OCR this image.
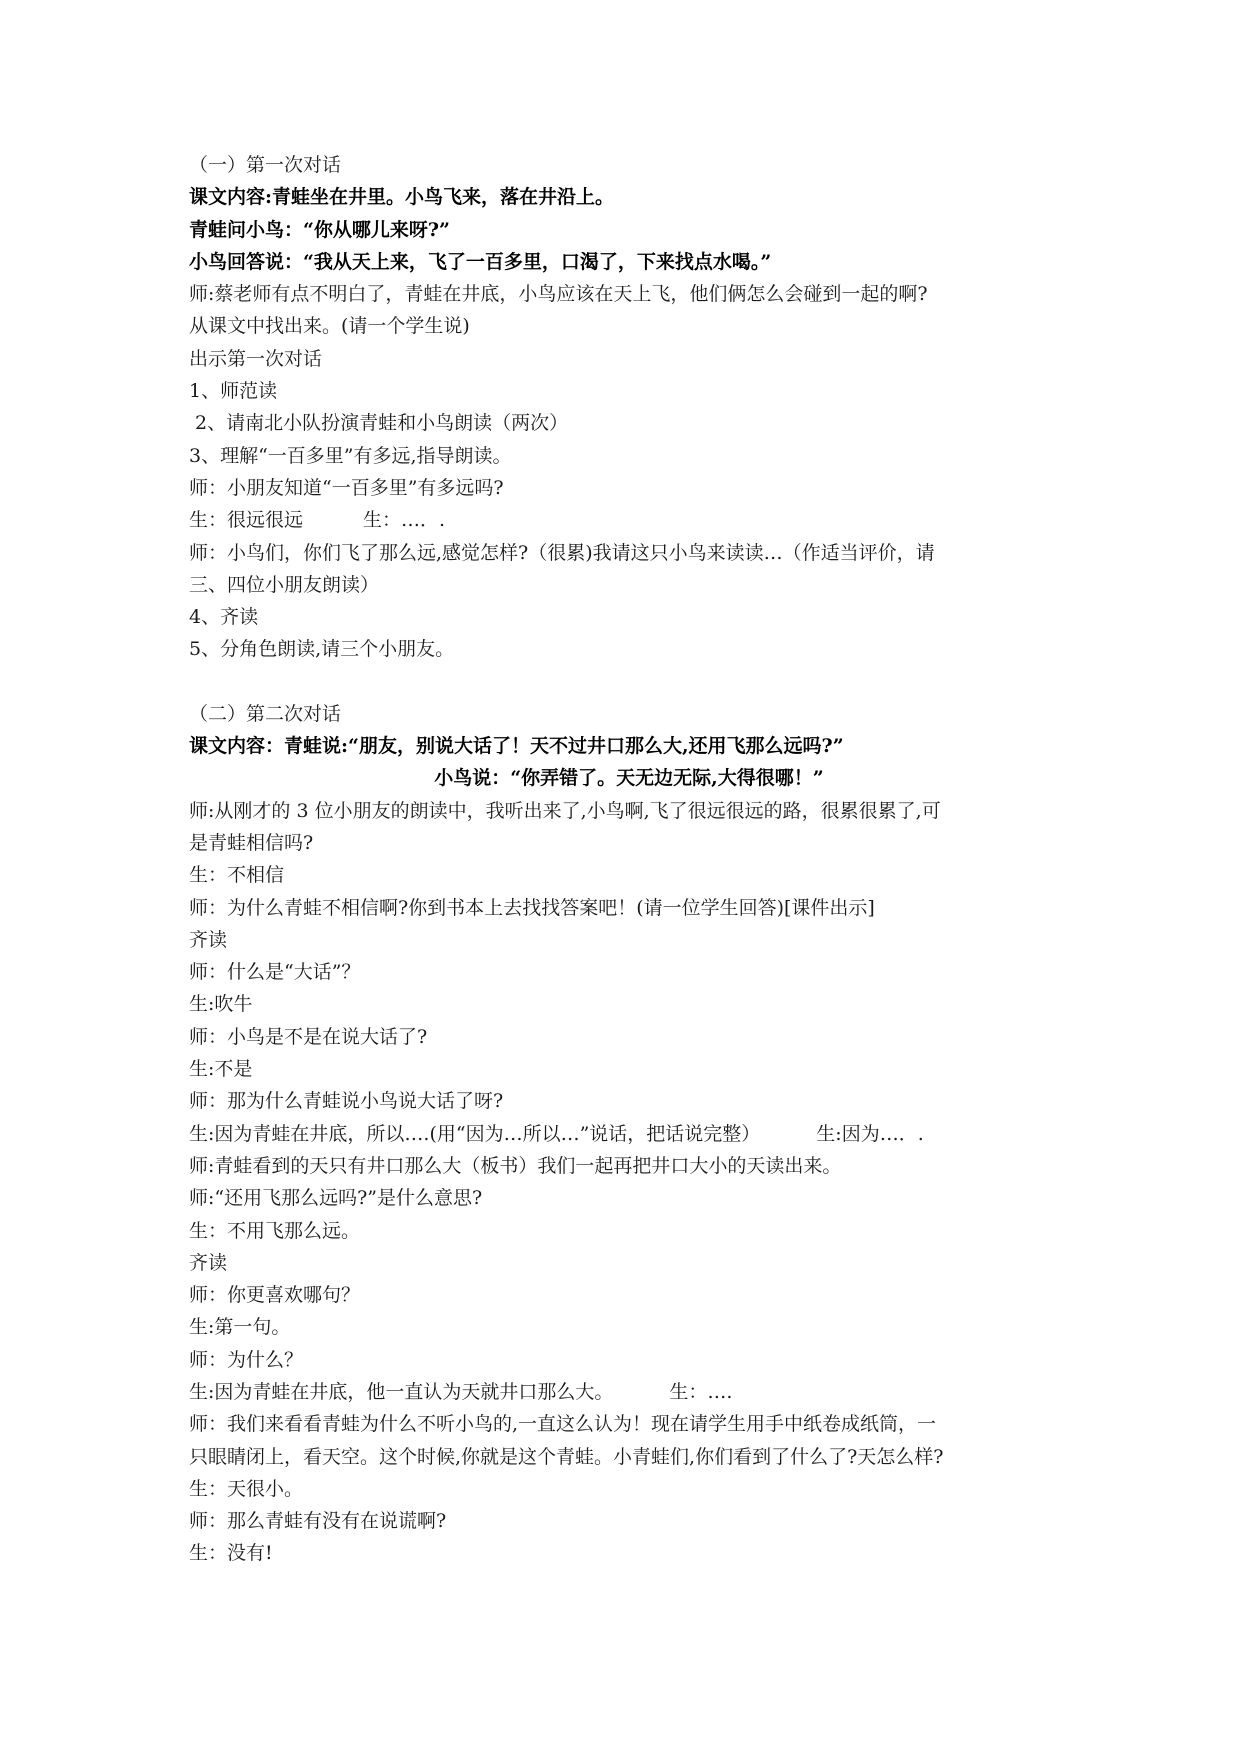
（一）第一次对话
课文内容:青蛙坐在井里。小鸟飞来，落在井沿上。
青蛙问小鸟：“你从哪儿来呀?”
小鸟回答说：“我从天上来，飞了一百多里，口渴了，下来找点水喝。”
师:蔡老师有点不明白了，青蛙在井底，小鸟应该在天上飞，他们俩怎么会碰到一起的啊?
从课文中找出来。(请一个学生说)
出示第一次对话
1、师范读
2、请南北小队扮演青蛙和小鸟朗读（两次）
3、理解“一百多里”有多远,指导朗读。
师：小朋友知道“一百多里”有多远吗?
生：很远很远	生：…．.
师：小鸟们，你们飞了那么远,感觉怎样?（很累)我请这只小鸟来读读…（作适当评价，请
三、四位小朋友朗读）
4、齐读
5、分角色朗读,请三个小朋友。
（二）第二次对话
课文内容：青蛙说:“朋友，别说大话了！天不过井口那么大,还用飞那么远吗?”
小鸟说：“你弄错了。天无边无际,大得很哪！”
师:从刚才的 3 位小朋友的朗读中，我听出来了,小鸟啊,飞了很远很远的路，很累很累了,可
是青蛙相信吗?
生：不相信
师：为什么青蛙不相信啊?你到书本上去找找答案吧！(请一位学生回答)[课件出示]
齐读
师：什么是“大话”？
生:吹牛
师：小鸟是不是在说大话了?
生:不是
师：那为什么青蛙说小鸟说大话了呀?
生:因为青蛙在井底，所以….(用“因为…所以…”说话，把话说完整）	生:因为…．.
师:青蛙看到的天只有井口那么大（板书）我们一起再把井口大小的天读出来。
师:“还用飞那么远吗?”是什么意思?
生：不用飞那么远。
齐读
师：你更喜欢哪句？
生:第一句。
师：为什么？
生:因为青蛙在井底，他一直认为天就井口那么大。	生：….
师：我们来看看青蛙为什么不听小鸟的,一直这么认为！现在请学生用手中纸卷成纸筒，一
只眼睛闭上，看天空。这个时候,你就是这个青蛙。小青蛙们,你们看到了什么了?天怎么样?
生：天很小。
师：那么青蛙有没有在说谎啊?
生：没有!
